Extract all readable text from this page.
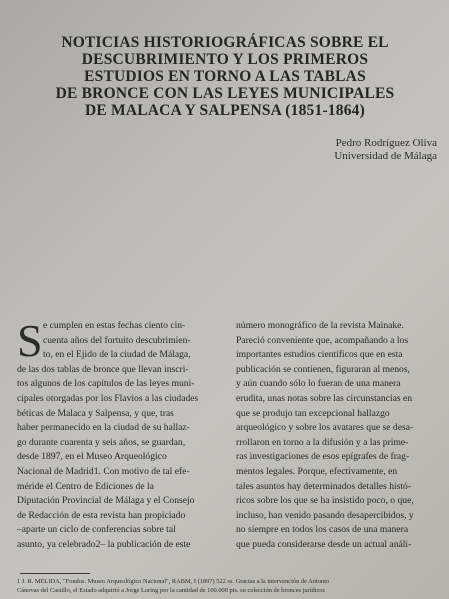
NOTICIAS HISTORIOGRÁFICAS SOBRE EL
DESCUBRIMIENTO Y LOS PRIMEROS
ESTUDIOS EN TORNO A LAS TABLAS
DE BRONCE CON LAS LEYES MUNICIPALES
DE MALACA Y SALPENSA (1851-1864)
Pedro Rodríguez Oliva
Universidad de Málaga
S e cumplen en estas fechas ciento cin-
cuenta años del fortuito descubrimien-
to, en el Ejido de la ciudad de Málaga,
de las dos tablas de bronce que llevan inscri-
tos algunos de los capítulos de las leyes muni-
cipales otorgadas por los Flavios a las ciudades
béticas de Malaca y Salpensa, y que, tras
haber permanecido en la ciudad de su hallaz-
go durante cuarenta y seis años, se guardan,
desde 1897, en el Museo Arqueológico
Nacional de Madrid1. Con motivo de tal efe-
méride el Centro de Ediciones de la
Diputación Provincial de Málaga y el Consejo
de Redacción de esta revista han propiciado
–aparte un ciclo de conferencias sobre tal
asunto, ya celebrado2– la publicación de este
número monográfico de la revista Mainake.
Pareció conveniente que, acompañando a los
importantes estudios científicos que en esta
publicación se contienen, figuraran al menos,
y aún cuando sólo lo fueran de una manera
erudita, unas notas sobre las circunstancias en
que se produjo tan excepcional hallazgo
arqueológico y sobre los avatares que se desa-
rrollaron en torno a la difusión y a las prime-
ras investigaciones de esos epígrafes de frag-
mentos legales. Porque, efectivamente, en
tales asuntos hay determinados detalles histó-
ricos sobre los que se ha insistido poco, o que,
incluso, han venido pasando desapercibidos, y
no siempre en todos los casos de una manera
que pueda considerarse desde un actual análi-
1 J. R. MÉLIDA, "Fondos. Museo Arqueológico Nacional", RABM, I (1897) 522 ss. Gracias a la intervención de Antonio
Cánovas del Castillo, el Estado adquirió a Jorge Loring por la cantidad de 100.000 pts. su colección de bronces jurídicos
